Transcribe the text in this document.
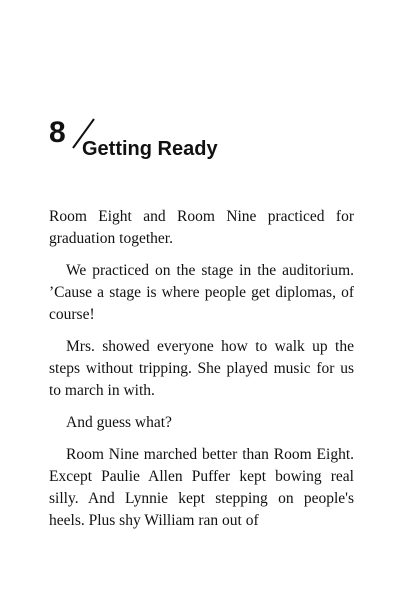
8 Getting Ready

Room Eight and Room Nine practiced for graduation together.

We practiced on the stage in the auditorium. ’Cause a stage is where people get diplomas, of course!

Mrs. showed everyone how to walk up the steps without tripping. She played music for us to march in with.

And guess what?

Room Nine marched better than Room Eight. Except Paulie Allen Puffer kept bowing real silly. And Lynnie kept stepping on people's heels. Plus shy William ran out of
